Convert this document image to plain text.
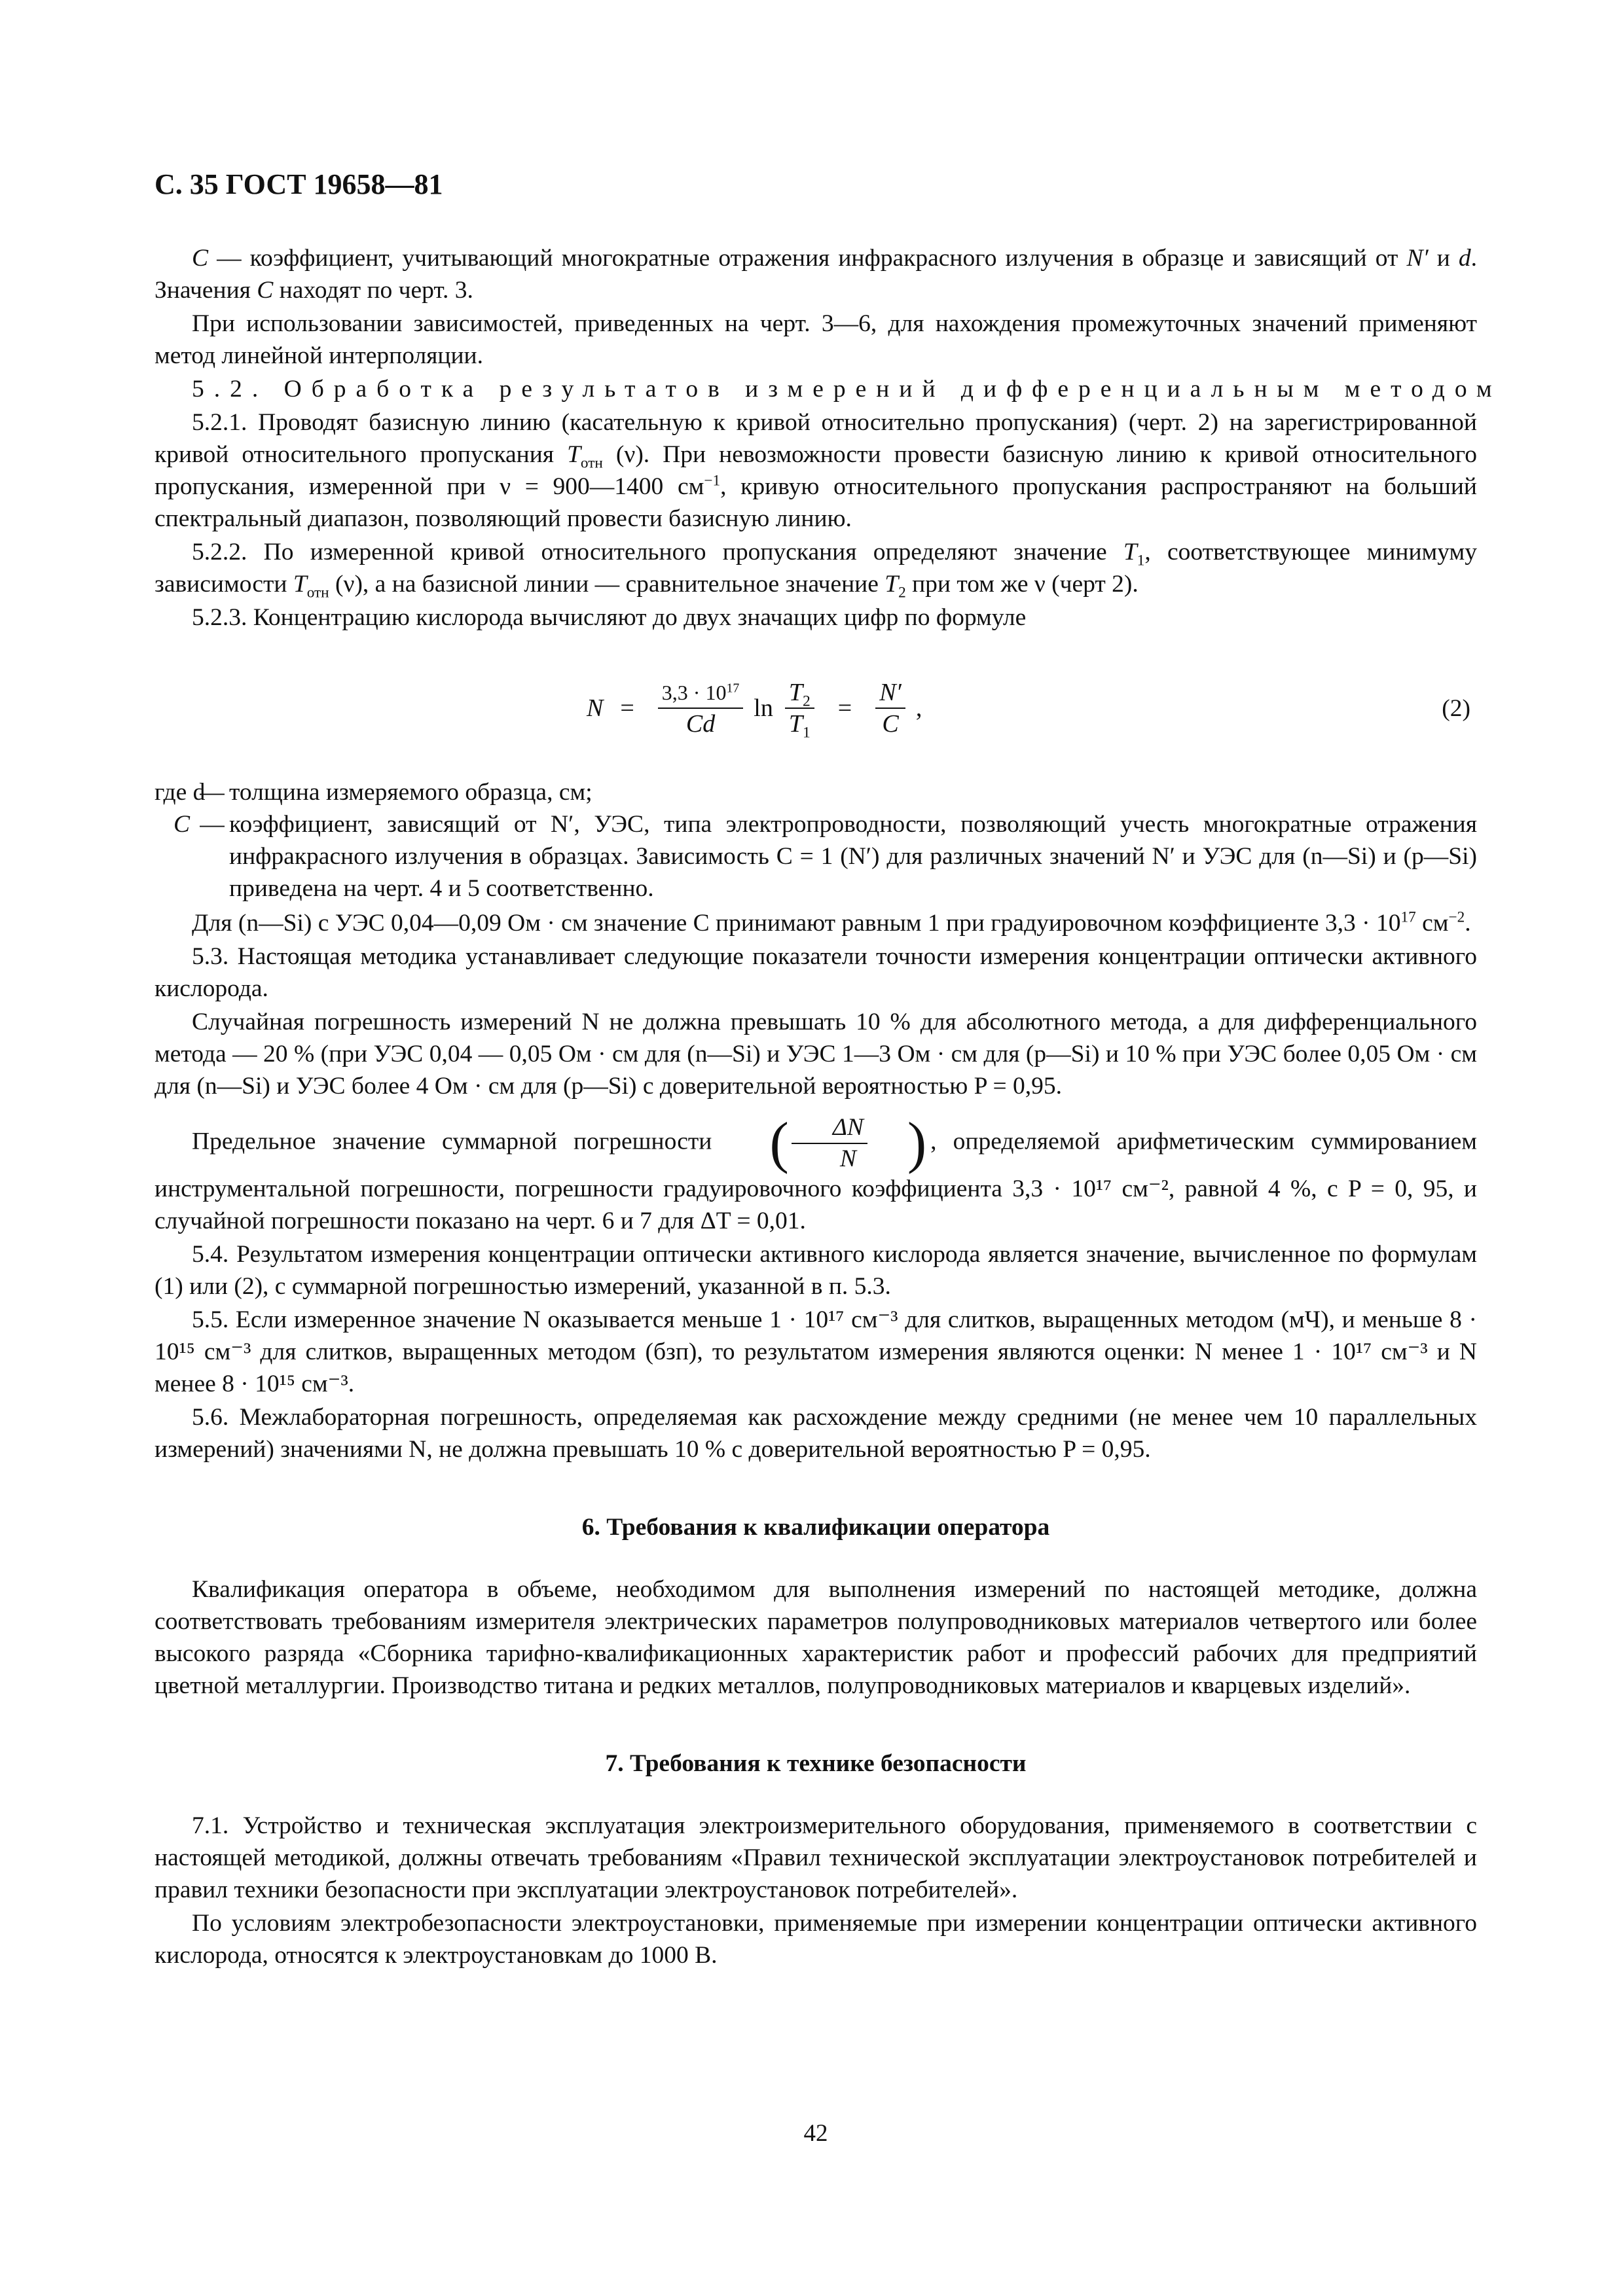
С. 35 ГОСТ 19658—81

C — коэффициент, учитывающий многократные отражения инфракрасного излучения в образце и зависящий от N′ и d. Значения C находят по черт. 3.

При использовании зависимостей, приведенных на черт. 3—6, для нахождения промежуточных значений применяют метод линейной интерполяции.

5.2. Обработка результатов измерений дифференциальным методом

5.2.1. Проводят базисную линию (касательную к кривой относительно пропускания) (черт. 2) на зарегистрированной кривой относительного пропускания $T_{отн}$ (ν). При невозможности провести базисную линию к кривой относительного пропускания, измеренной при ν = 900—1400 $см^{-1}$, кривую относительного пропускания распространяют на больший спектральный диапазон, позволяющий провести базисную линию.

5.2.2. По измеренной кривой относительного пропускания определяют значение $T_1$, соответствующее минимуму зависимости $T_{отн}$ (ν), а на базисной линии — сравнительное значение $T_2$ при том же ν (черт 2).

5.2.3. Концентрацию кислорода вычисляют до двух значащих цифр по формуле

$N = \frac{3,3 \cdot 10^{17}}{Cd}$ $\ln \frac{T_2}{T_1} = \frac{N'}{C}$ ,	(2)
где d
— толщина измеряемого образца, см;
C — коэффициент, зависящий от N′, УЭС, типа электропроводности, позволяющий учесть многократные отражения инфракрасного излучения в образцах. Зависимость C = 1 (N′) для различных значений N′ и УЭС для (n—Si) и (p—Si) приведена на черт. 4 и 5 соответственно.

Для (n—Si) с УЭС 0,04—0,09 Ом · см значение C принимают равным 1 при градуировочном коэффициенте $3,3 \cdot 10^{17}$ $см^{-2}$.

5.3. Настоящая методика устанавливает следующие показатели точности измерения концентрации оптически активного кислорода.

Случайная погрешность измерений N не должна превышать 10 % для абсолютного метода, а для дифференциального метода — 20 % (при УЭС 0,04 — 0,05 Ом · см для (n—Si) и УЭС 1—3 Ом · см для (p—Si) и 10 % при УЭС более 0,05 Ом · см для (n—Si) и УЭС более 4 Ом · см для (p—Si) с доверительной вероятностью P = 0,95.

Предельное значение суммарной погрешности	( $\frac{\Delta N}{N}$ ) , определяемой арифметическим суммированием инструментальной погрешности, погрешности градуировочного коэффициента 3,3 · 10¹⁷ см⁻², равной 4 %, с P = 0, 95, и случайной погрешности показано на черт. 6 и 7 для ΔT = 0,01.

5.4. Результатом измерения концентрации оптически активного кислорода является значение, вычисленное по формулам (1) или (2), с суммарной погрешностью измерений, указанной в п. 5.3.

5.5. Если измеренное значение N оказывается меньше 1 · 10¹⁷ см⁻³ для слитков, выращенных методом (мЧ), и меньше 8 · 10¹⁵ см⁻³ для слитков, выращенных методом (бзп), то результатом измерения являются оценки: N менее 1 · 10¹⁷ см⁻³ и N менее 8 · 10¹⁵ см⁻³.

5.6. Межлабораторная погрешность, определяемая как расхождение между средними (не менее чем 10 параллельных измерений) значениями N, не должна превышать 10 % с доверительной вероятностью P = 0,95.

6. Требования к квалификации оператора

Квалификация оператора в объеме, необходимом для выполнения измерений по настоящей методике, должна соответствовать требованиям измерителя электрических параметров полупроводниковых материалов четвертого или более высокого разряда «Сборника тарифно-квалификационных характеристик работ и профессий рабочих для предприятий цветной металлургии. Производство титана и редких металлов, полупроводниковых материалов и кварцевых изделий».

7. Требования к технике безопасности

7.1. Устройство и техническая эксплуатация электроизмерительного оборудования, применяемого в соответствии с настоящей методикой, должны отвечать требованиям «Правил технической эксплуатации электроустановок потребителей и правил техники безопасности при эксплуатации электроустановок потребителей».

По условиям электробезопасности электроустановки, применяемые при измерении концентрации оптически активного кислорода, относятся к электроустановкам до 1000 В.

42
